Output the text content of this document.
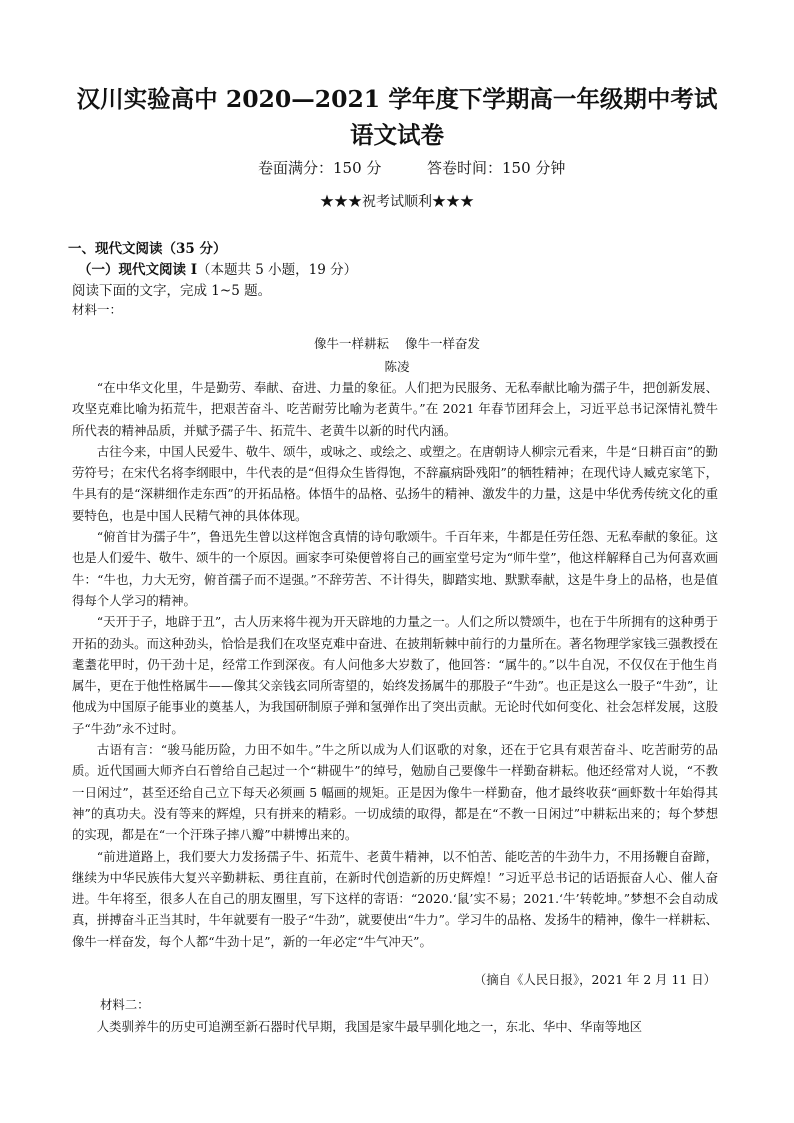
汉川实验高中 2020—2021 学年度下学期高一年级期中考试
语文试卷
卷面满分：150 分	答卷时间：150 分钟
★★★祝考试顺利★★★
一、现代文阅读（35 分）
（一）现代文阅读 I（本题共 5 小题，19 分）
阅读下面的文字，完成 1~5 题。
材料一：
像牛一样耕耘    像牛一样奋发
陈凌

“在中华文化里，牛是勤劳、奉献、奋进、力量的象征。人们把为民服务、无私奉献比喻为孺子牛，把创新发展、攻坚克难比喻为拓荒牛，把艰苦奋斗、吃苦耐劳比喻为老黄牛。”在 2021 年春节团拜会上，习近平总书记深情礼赞牛所代表的精神品质，并赋予孺子牛、拓荒牛、老黄牛以新的时代内涵。

古往今来，中国人民爱牛、敬牛、颂牛，或咏之、或绘之、或塑之。在唐朝诗人柳宗元看来，牛是“日耕百亩”的勤劳符号；在宋代名将李纲眼中，牛代表的是“但得众生皆得饱，不辞羸病卧残阳”的牺牲精神；在现代诗人臧克家笔下，牛具有的是“深耕细作走东西”的开拓品格。体悟牛的品格、弘扬牛的精神、激发牛的力量，这是中华优秀传统文化的重要特色，也是中国人民精气神的具体体现。

“俯首甘为孺子牛”，鲁迅先生曾以这样饱含真情的诗句歌颂牛。千百年来，牛都是任劳任怨、无私奉献的象征。这也是人们爱牛、敬牛、颂牛的一个原因。画家李可染便曾将自己的画室堂号定为“师牛堂”，他这样解释自己为何喜欢画牛：“牛也，力大无穷，俯首孺子而不逞强。”不辞劳苦、不计得失，脚踏实地、默默奉献，这是牛身上的品格，也是值得每个人学习的精神。

“天开于子，地辟于丑”，古人历来将牛视为开天辟地的力量之一。人们之所以赞颂牛，也在于牛所拥有的这种勇于开拓的劲头。而这种劲头，恰恰是我们在攻坚克难中奋进、在披荆斩棘中前行的力量所在。著名物理学家钱三强教授在耄耋花甲时，仍干劲十足，经常工作到深夜。有人问他多大岁数了，他回答：“属牛的。”以牛自况，不仅仅在于他生肖属牛，更在于他性格属牛——像其父亲钱玄同所寄望的，始终发扬属牛的那股子“牛劲”。也正是这么一股子“牛劲”，让他成为中国原子能事业的奠基人，为我国研制原子弹和氢弹作出了突出贡献。无论时代如何变化、社会怎样发展，这股子“牛劲”永不过时。

古语有言：“骏马能历险，力田不如牛。”牛之所以成为人们讴歌的对象，还在于它具有艰苦奋斗、吃苦耐劳的品质。近代国画大师齐白石曾给自己起过一个“耕砚牛”的绰号，勉励自己要像牛一样勤奋耕耘。他还经常对人说，“不教一日闲过”，甚至还给自己立下每天必须画 5 幅画的规矩。正是因为像牛一样勤奋，他才最终收获“画虾数十年始得其神”的真功夫。没有等来的辉煌，只有拼来的精彩。一切成绩的取得，都是在“不教一日闲过”中耕耘出来的；每个梦想的实现，都是在“一个汗珠子摔八瓣”中耕博出来的。

“前进道路上，我们要大力发扬孺子牛、拓荒牛、老黄牛精神，以不怕苦、能吃苦的牛劲牛力，不用扬鞭自奋蹄，继续为中华民族伟大复兴辛勤耕耘、勇往直前，在新时代创造新的历史辉煌！”习近平总书记的话语振奋人心、催人奋进。牛年将至，很多人在自己的朋友圈里，写下这样的寄语：“2020.‘鼠’实不易；2021.‘牛’转乾坤。”梦想不会自动成真，拼搏奋斗正当其时，牛年就要有一股子“牛劲”，就要使出“牛力”。学习牛的品格、发扬牛的精神，像牛一样耕耘、像牛一样奋发，每个人都“牛劲十足”，新的一年必定“牛气冲天”。

（摘自《人民日报》，2021 年 2 月 11 日）
材料二：

人类驯养牛的历史可追溯至新石器时代早期，我国是家牛最早驯化地之一，东北、华中、华南等地区
